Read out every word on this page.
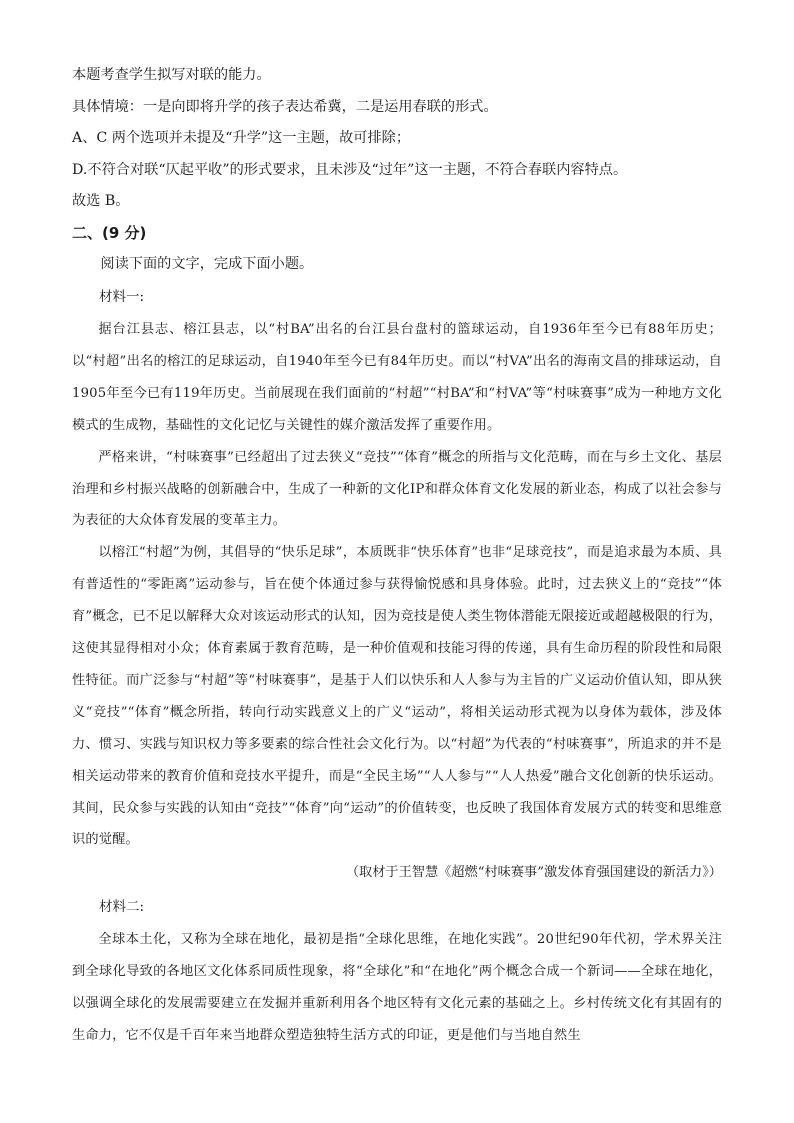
本题考查学生拟写对联的能力。

具体情境：一是向即将升学的孩子表达希冀，二是运用春联的形式。

A、C 两个选项并未提及“升学”这一主题，故可排除；

D.不符合对联“仄起平收”的形式要求，且未涉及“过年”这一主题，不符合春联内容特点。

故选 B。

二、(9 分)

阅读下面的文字，完成下面小题。

材料一:

据台江县志、榕江县志，以“村BA”出名的台江县台盘村的篮球运动，自1936年至今已有88年历史；以“村超”出名的榕江的足球运动，自1940年至今已有84年历史。而以“村VA”出名的海南文昌的排球运动，自1905年至今已有119年历史。当前展现在我们面前的“村超”“村BA”和“村VA”等“村味赛事”成为一种地方文化模式的生成物，基础性的文化记忆与关键性的媒介激活发挥了重要作用。

严格来讲，“村味赛事”已经超出了过去狭义“竞技”“体育”概念的所指与文化范畴，而在与乡土文化、基层治理和乡村振兴战略的创新融合中，生成了一种新的文化IP和群众体育文化发展的新业态，构成了以社会参与为表征的大众体育发展的变革主力。

以榕江“村超”为例，其倡导的“快乐足球”，本质既非“快乐体育”也非“足球竞技”，而是追求最为本质、具有普适性的“零距离”运动参与，旨在使个体通过参与获得愉悦感和具身体验。此时，过去狭义上的“竞技”“体育”概念，已不足以解释大众对该运动形式的认知，因为竞技是使人类生物体潜能无限接近或超越极限的行为，这使其显得相对小众；体育素属于教育范畴，是一种价值观和技能习得的传递，具有生命历程的阶段性和局限性特征。而广泛参与“村超”等“村味赛事”，是基于人们以快乐和人人参与为主旨的广义运动价值认知，即从狭义“竞技”“体育”概念所指，转向行动实践意义上的广义“运动”，将相关运动形式视为以身体为载体，涉及体力、惯习、实践与知识权力等多要素的综合性社会文化行为。以“村超”为代表的“村味赛事”，所追求的并不是相关运动带来的教育价值和竞技水平提升，而是“全民主场”“人人参与”“人人热爱”融合文化创新的快乐运动。其间，民众参与实践的认知由“竞技”“体育”向“运动”的价值转变，也反映了我国体育发展方式的转变和思维意识的觉醒。

（取材于王智慧《超燃“村味赛事”激发体育强国建设的新活力》）

材料二:

全球本土化，又称为全球在地化，最初是指“全球化思维，在地化实践”。20世纪90年代初，学术界关注到全球化导致的各地区文化体系同质性现象，将“全球化”和“在地化”两个概念合成一个新词——全球在地化，以强调全球化的发展需要建立在发掘并重新利用各个地区特有文化元素的基础之上。乡村传统文化有其固有的生命力，它不仅是千百年来当地群众塑造独特生活方式的印证，更是他们与当地自然生
